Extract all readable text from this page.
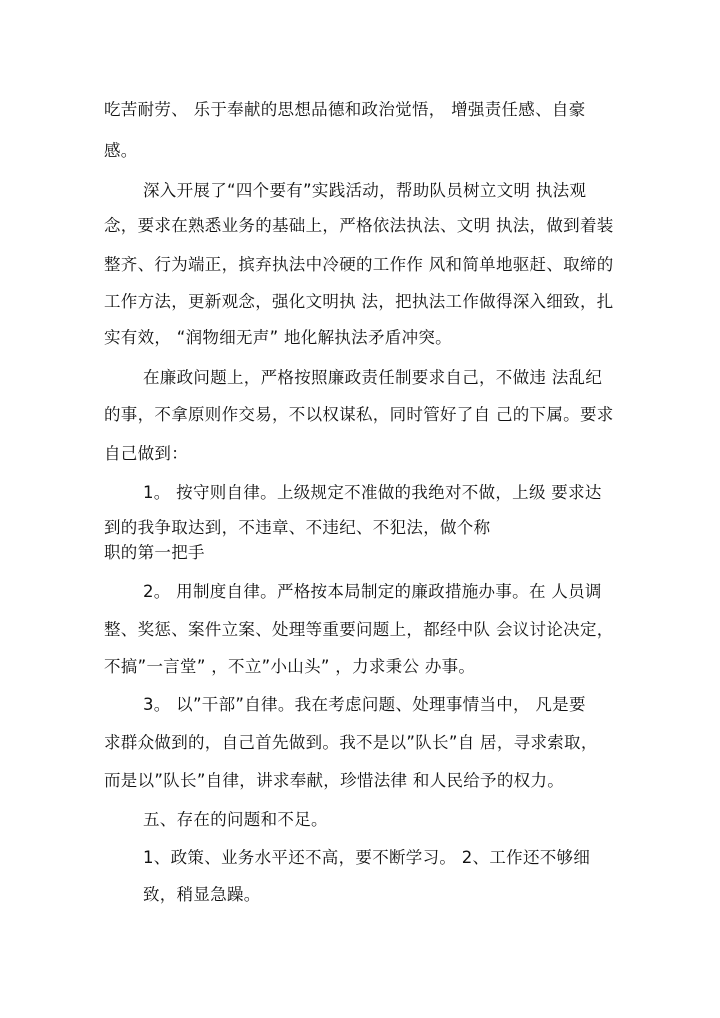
吃苦耐劳、 乐于奉献的思想品德和政治觉悟， 增强责任感、自豪
感。
深入开展了“四个要有”实践活动，帮助队员树立文明 执法观
念，要求在熟悉业务的基础上，严格依法执法、文明 执法，做到着装
整齐、行为端正，摈弃执法中冷硬的工作作 风和简单地驱赶、取缔的
工作方法，更新观念，强化文明执 法，把执法工作做得深入细致，扎
实有效， “润物细无声” 地化解执法矛盾冲突。
在廉政问题上，严格按照廉政责任制要求自己，不做违 法乱纪
的事，不拿原则作交易，不以权谋私，同时管好了自 己的下属。要求
自己做到：
1。 按守则自律。上级规定不准做的我绝对不做，上级 要求达
到的我争取达到，不违章、不违纪、不犯法，做个称
职的第一把手
2。 用制度自律。严格按本局制定的廉政措施办事。在 人员调
整、奖惩、案件立案、处理等重要问题上，都经中队 会议讨论决定，
不搞”一言堂” ，不立”小山头” ，力求秉公 办事。
3。 以”干部”自律。我在考虑问题、处理事情当中， 凡是要
求群众做到的，自己首先做到。我不是以”队长”自 居，寻求索取，
而是以”队长”自律，讲求奉献，珍惜法律 和人民给予的权力。
五、存在的问题和不足。
1、政策、业务水平还不高，要不断学习。 2、工作还不够细
致，稍显急躁。
